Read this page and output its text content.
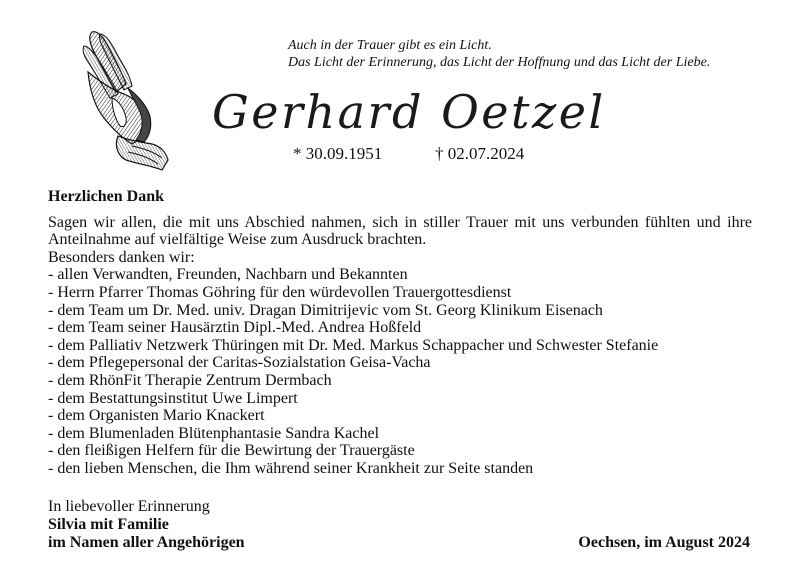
Auch in der Trauer gibt es ein Licht.
Das Licht der Erinnerung, das Licht der Hoffnung und das Licht der Liebe.
Gerhard Oetzel
* 30.09.1951	† 02.07.2024

Herzlichen Dank

Sagen wir allen, die mit uns Abschied nahmen, sich in stiller Trauer mit uns verbunden fühlten und ihre Anteilnahme auf vielfältige Weise zum Ausdruck brachten.

Besonders danken wir:

- allen Verwandten, Freunden, Nachbarn und Bekannten
- Herrn Pfarrer Thomas Göhring für den würdevollen Trauergottesdienst
- dem Team um Dr. Med. univ. Dragan Dimitrijevic vom St. Georg Klinikum Eisenach
- dem Team seiner Hausärztin Dipl.-Med. Andrea Hoßfeld
- dem Palliativ Netzwerk Thüringen mit Dr. Med. Markus Schappacher und Schwester Stefanie
- dem Pflegepersonal der Caritas-Sozialstation Geisa-Vacha
- dem RhönFit Therapie Zentrum Dermbach
- dem Bestattungsinstitut Uwe Limpert
- dem Organisten Mario Knackert
- dem Blumenladen Blütenphantasie Sandra Kachel
- den fleißigen Helfern für die Bewirtung der Trauergäste
- den lieben Menschen, die Ihm während seiner Krankheit zur Seite standen
In liebevoller Erinnerung
Silvia mit Familie
im Namen aller Angehörigen	Oechsen, im August 2024
